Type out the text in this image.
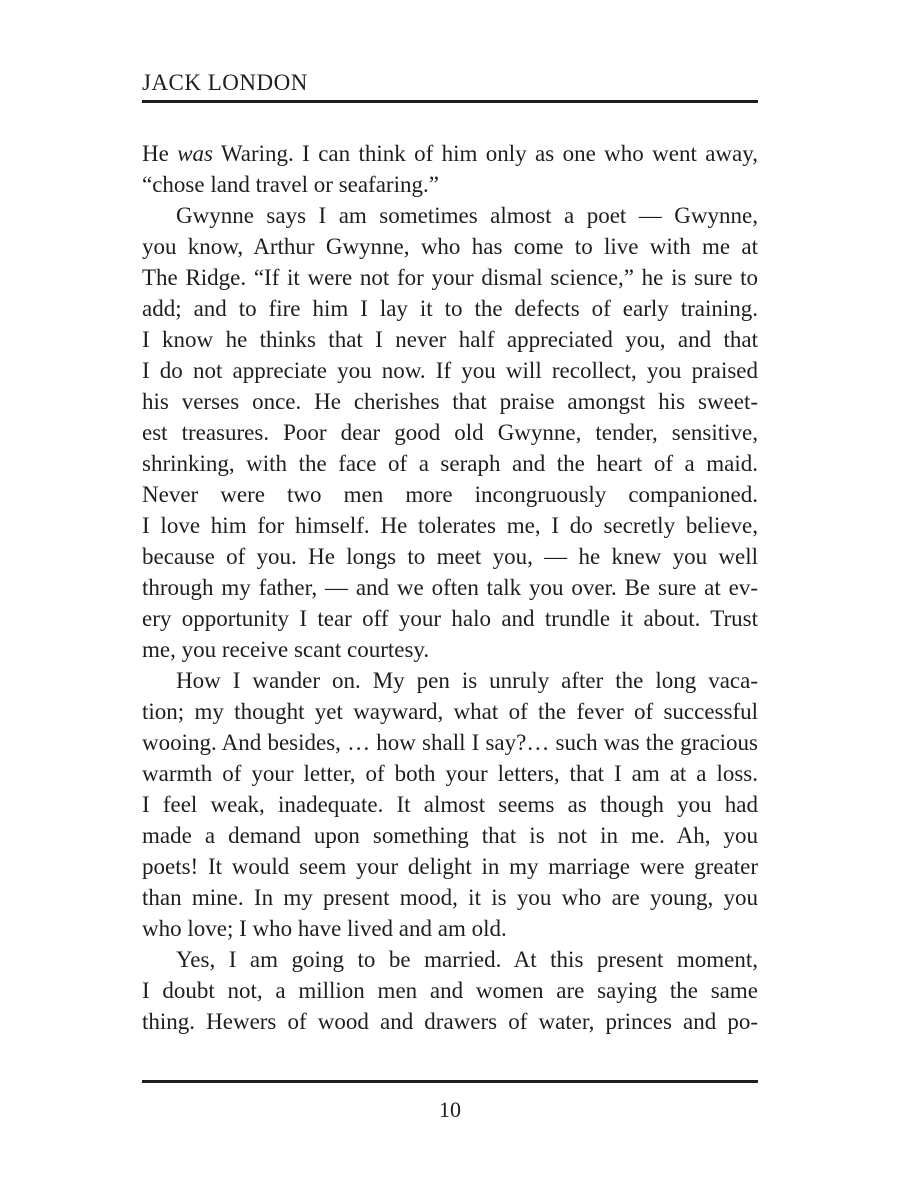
JACK LONDON
He was Waring. I can think of him only as one who went away,
“chose land travel or seafaring.”
Gwynne says I am sometimes almost a poet — Gwynne,
you know, Arthur Gwynne, who has come to live with me at
The Ridge. “If it were not for your dismal science,” he is sure to
add; and to fire him I lay it to the defects of early training.
I know he thinks that I never half appreciated you, and that
I do not appreciate you now. If you will recollect, you praised
his verses once. He cherishes that praise amongst his sweet-
est treasures. Poor dear good old Gwynne, tender, sensitive,
shrinking, with the face of a seraph and the heart of a maid.
Never were two men more incongruously companioned.
I love him for himself. He tolerates me, I do secretly believe,
because of you. He longs to meet you, — he knew you well
through my father, — and we often talk you over. Be sure at ev-
ery opportunity I tear off your halo and trundle it about. Trust
me, you receive scant courtesy.
How I wander on. My pen is unruly after the long vaca-
tion; my thought yet wayward, what of the fever of successful
wooing. And besides, … how shall I say?… such was the gracious
warmth of your letter, of both your letters, that I am at a loss.
I feel weak, inadequate. It almost seems as though you had
made a demand upon something that is not in me. Ah, you
poets! It would seem your delight in my marriage were greater
than mine. In my present mood, it is you who are young, you
who love; I who have lived and am old.
Yes, I am going to be married. At this present moment,
I doubt not, a million men and women are saying the same
thing. Hewers of wood and drawers of water, princes and po-
10
